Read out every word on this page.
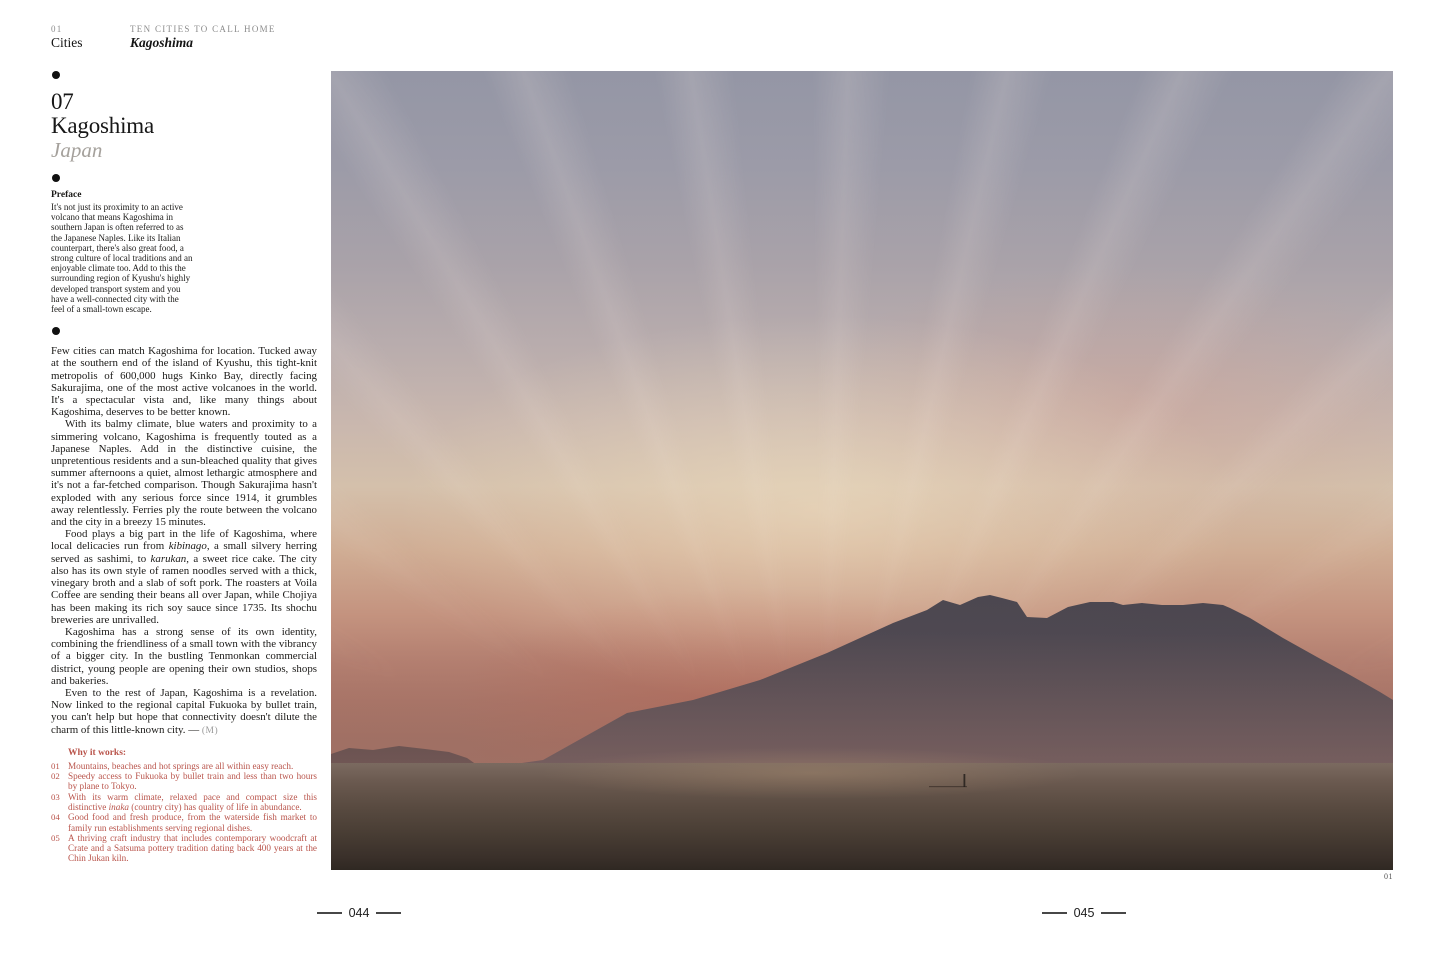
01
Cities
TEN CITIES TO CALL HOME
Kagoshima
07
Kagoshima
Japan
Preface

It's not just its proximity to an active volcano that means Kagoshima in southern Japan is often referred to as the Japanese Naples. Like its Italian counterpart, there's also great food, a strong culture of local traditions and an enjoyable climate too. Add to this the surrounding region of Kyushu's highly developed transport system and you have a well-connected city with the feel of a small-town escape.

Few cities can match Kagoshima for location. Tucked away at the southern end of the island of Kyushu, this tight-knit metropolis of 600,000 hugs Kinko Bay, directly facing Sakurajima, one of the most active volcanoes in the world. It's a spectacular vista and, like many things about Kagoshima, deserves to be better known.

With its balmy climate, blue waters and proximity to a simmering volcano, Kagoshima is frequently touted as a Japanese Naples. Add in the distinctive cuisine, the unpretentious residents and a sun-bleached quality that gives summer afternoons a quiet, almost lethargic atmosphere and it's not a far-fetched comparison. Though Sakurajima hasn't exploded with any serious force since 1914, it grumbles away relentlessly. Ferries ply the route between the volcano and the city in a breezy 15 minutes.

Food plays a big part in the life of Kagoshima, where local delicacies run from kibinago, a small silvery herring served as sashimi, to karukan, a sweet rice cake. The city also has its own style of ramen noodles served with a thick, vinegary broth and a slab of soft pork. The roasters at Voila Coffee are sending their beans all over Japan, while Chojiya has been making its rich soy sauce since 1735. Its shochu breweries are unrivalled.

Kagoshima has a strong sense of its own identity, combining the friendliness of a small town with the vibrancy of a bigger city. In the bustling Tenmonkan commercial district, young people are opening their own studios, shops and bakeries.

Even to the rest of Japan, Kagoshima is a revelation. Now linked to the regional capital Fukuoka by bullet train, you can't help but hope that connectivity doesn't dilute the charm of this little-known city. — (M)

Why it works:
01 Mountains, beaches and hot springs are all within easy reach.
02 Speedy access to Fukuoka by bullet train and less than two hours by plane to Tokyo.
03 With its warm climate, relaxed pace and compact size this distinctive inaka (country city) has quality of life in abundance.
04 Good food and fresh produce, from the waterside fish market to family run establishments serving regional dishes.
05 A thriving craft industry that includes contemporary woodcraft at Crate and a Satsuma pottery tradition dating back 400 years at the Chin Jukan kiln.
01
044	045
